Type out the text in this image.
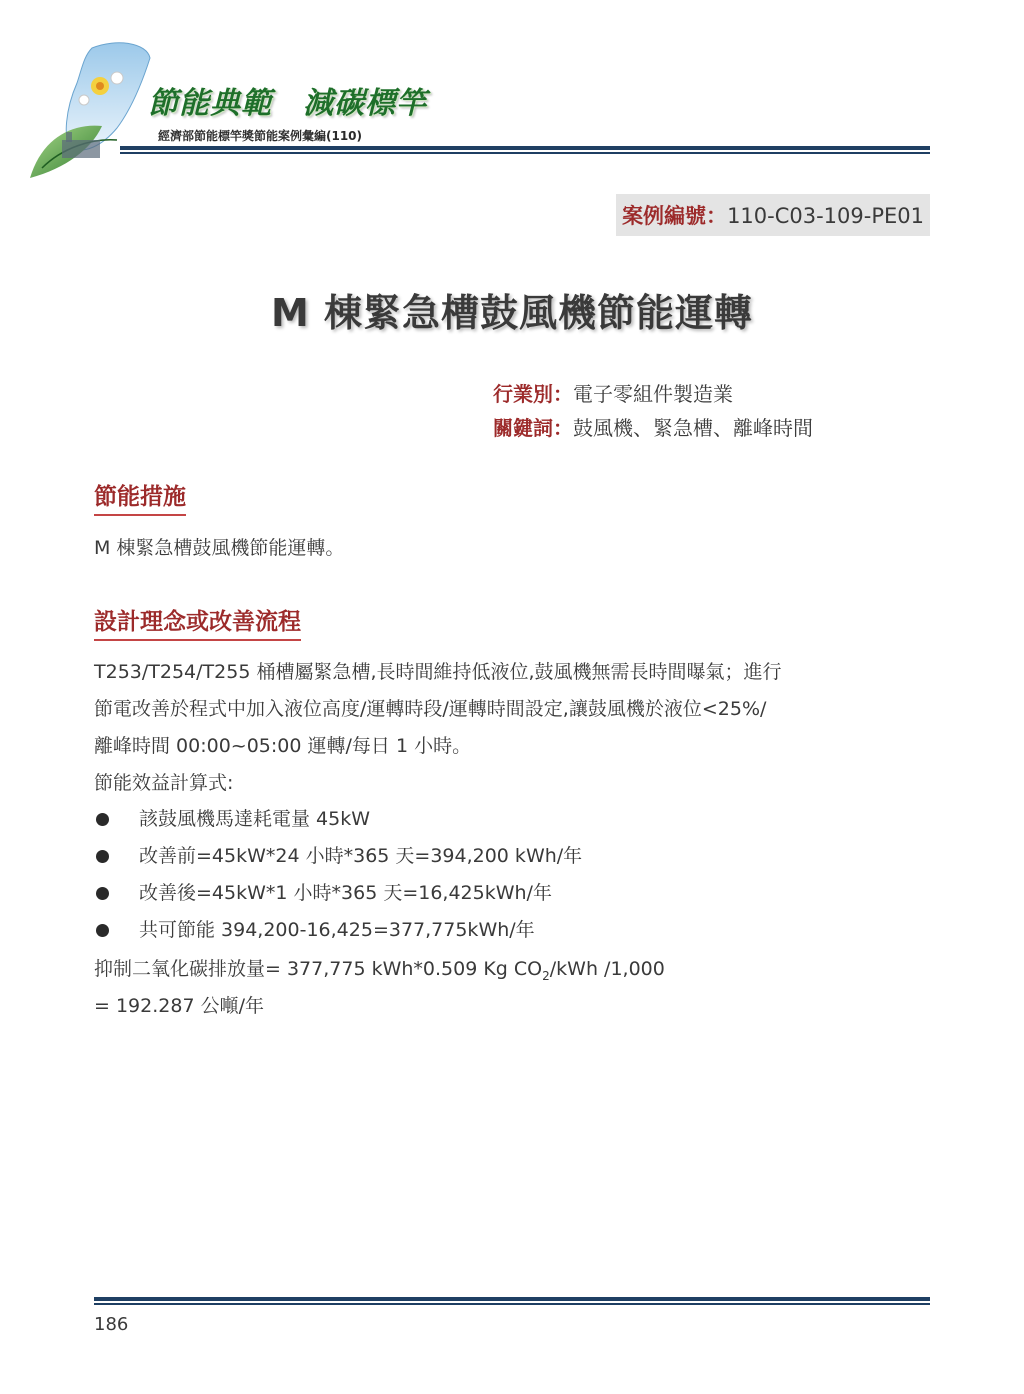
節能典範　減碳標竿
經濟部節能標竿獎節能案例彙編(110)
案例編號：110-C03-109-PE01
M 棟緊急槽鼓風機節能運轉
行業別：電子零組件製造業
關鍵詞：鼓風機、緊急槽、離峰時間
節能措施
M 棟緊急槽鼓風機節能運轉。
設計理念或改善流程
T253/T254/T255 桶槽屬緊急槽,長時間維持低液位,鼓風機無需長時間曝氣；進行
節電改善於程式中加入液位高度/運轉時段/運轉時間設定,讓鼓風機於液位<25%/
離峰時間 00:00~05:00 運轉/每日 1 小時。
節能效益計算式:
該鼓風機馬達耗電量 45kW
改善前=45kW*24 小時*365 天=394,200 kWh/年
改善後=45kW*1 小時*365 天=16,425kWh/年
共可節能 394,200-16,425=377,775kWh/年
抑制二氧化碳排放量= 377,775 kWh*0.509 Kg $CO_2$/kWh /1,000
= 192.287 公噸/年
186
